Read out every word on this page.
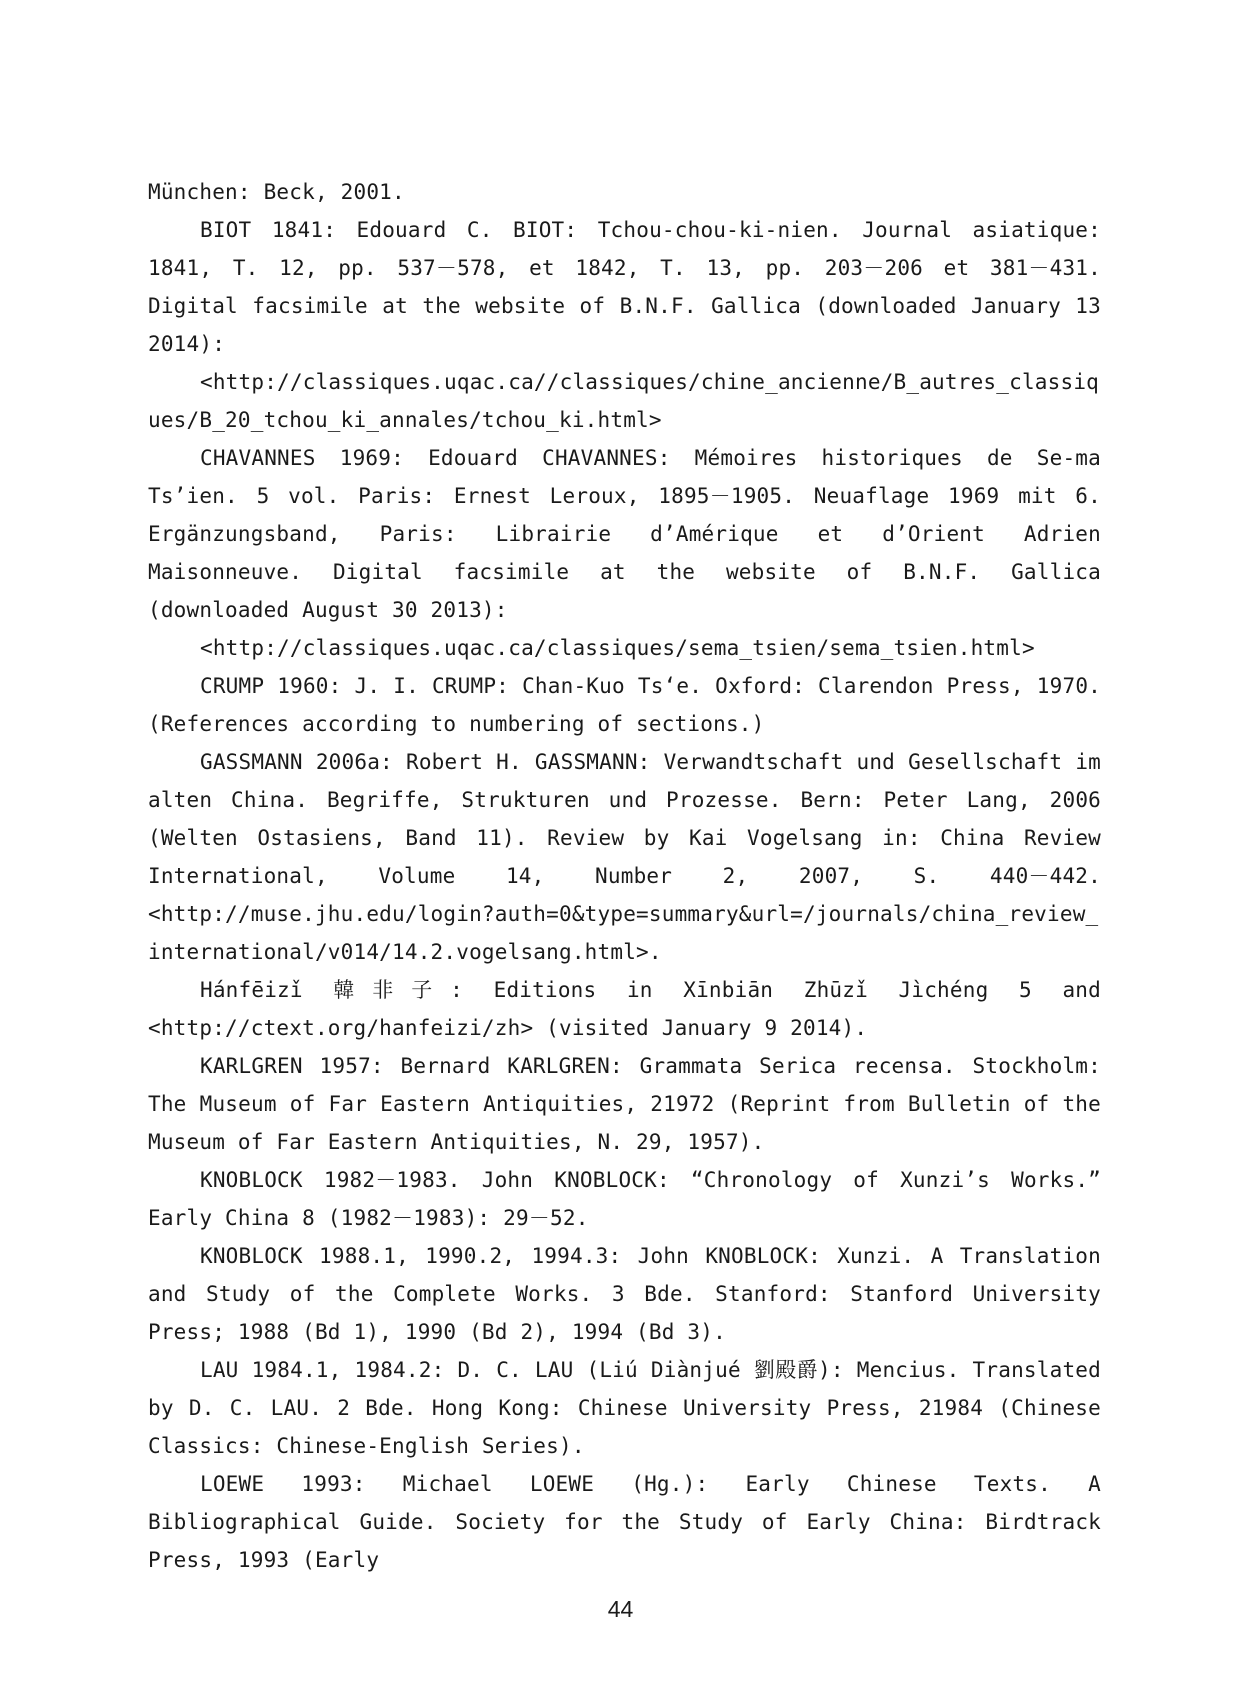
München: Beck, 2001.

BIOT 1841: Edouard C. BIOT: Tchou-chou-ki-nien. Journal asiatique: 1841, T. 12, pp. 537－578, et 1842, T. 13, pp. 203－206 et 381－431. Digital facsimile at the website of B.N.F. Gallica (downloaded January 13 2014):

<http://classiques.uqac.ca//classiques/chine_ancienne/B_autres_classiques/B_20_tchou_ki_annales/tchou_ki.html>

CHAVANNES 1969: Edouard CHAVANNES: Mémoires historiques de Se-ma Ts’ien. 5 vol. Paris: Ernest Leroux, 1895－1905. Neuaflage 1969 mit 6. Ergänzungsband, Paris: Librairie d’Amérique et d’Orient Adrien Maisonneuve. Digital facsimile at the website of B.N.F. Gallica (downloaded August 30 2013):

<http://classiques.uqac.ca/classiques/sema_tsien/sema_tsien.html>

CRUMP 1960: J. I. CRUMP: Chan-Kuo Ts‘e. Oxford: Clarendon Press, 1970. (References according to numbering of sections.)

GASSMANN 2006a: Robert H. GASSMANN: Verwandtschaft und Gesellschaft im alten China. Begriffe, Strukturen und Prozesse. Bern: Peter Lang, 2006 (Welten Ostasiens, Band 11). Review by Kai Vogelsang in: China Review International, Volume 14, Number 2, 2007, S. 440－442. <http://muse.jhu.edu/login?auth=0&type=summary&url=/journals/china_review_ international/v014/14.2.vogelsang.html>.

Hánfēizǐ 韓非子: Editions in Xīnbiān Zhūzǐ Jìchéng 5 and <http://ctext.org/hanfeizi/zh> (visited January 9 2014).

KARLGREN 1957: Bernard KARLGREN: Grammata Serica recensa. Stockholm: The Museum of Far Eastern Antiquities, 21972 (Reprint from Bulletin of the Museum of Far Eastern Antiquities, N. 29, 1957).

KNOBLOCK 1982－1983. John KNOBLOCK: “Chronology of Xunzi’s Works.” Early China 8 (1982－1983): 29－52.

KNOBLOCK 1988.1, 1990.2, 1994.3: John KNOBLOCK: Xunzi. A Translation and Study of the Complete Works. 3 Bde. Stanford: Stanford University Press; 1988 (Bd 1), 1990 (Bd 2), 1994 (Bd 3).

LAU 1984.1, 1984.2: D. C. LAU (Liú Diànjué 劉殿爵): Mencius. Translated by D. C. LAU. 2 Bde. Hong Kong: Chinese University Press, 21984 (Chinese Classics: Chinese-English Series).

LOEWE 1993: Michael LOEWE (Hg.): Early Chinese Texts. A Bibliographical Guide. Society for the Study of Early China: Birdtrack Press, 1993 (Early

44
